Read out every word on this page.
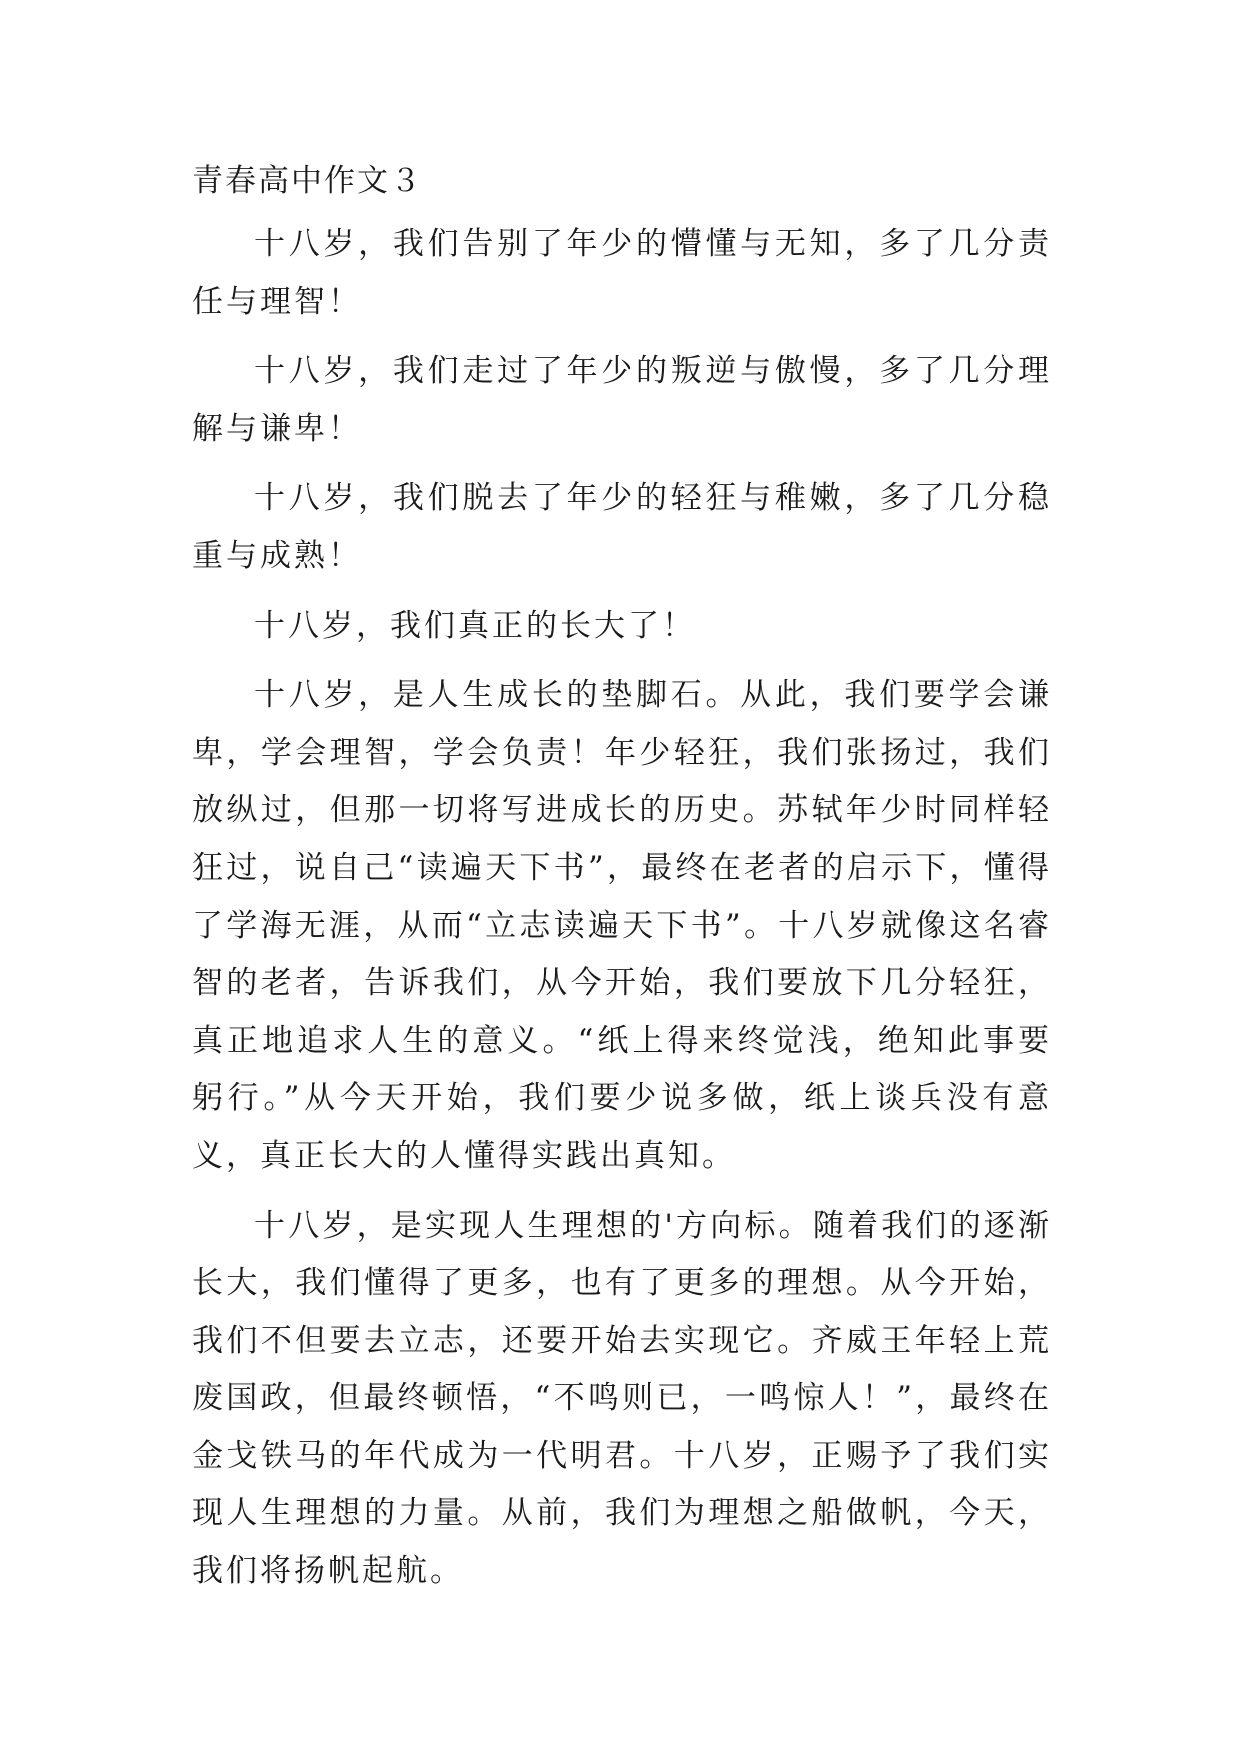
青春高中作文３

十八岁，我们告别了年少的懵懂与无知，多了几分责任与理智！

十八岁，我们走过了年少的叛逆与傲慢，多了几分理解与谦卑！

十八岁，我们脱去了年少的轻狂与稚嫩，多了几分稳重与成熟！

十八岁，我们真正的长大了！

十八岁，是人生成长的垫脚石。从此，我们要学会谦卑，学会理智，学会负责！年少轻狂，我们张扬过，我们放纵过，但那一切将写进成长的历史。苏轼年少时同样轻狂过，说自己“读遍天下书”，最终在老者的启示下，懂得了学海无涯，从而“立志读遍天下书”。十八岁就像这名睿智的老者，告诉我们，从今开始，我们要放下几分轻狂，真正地追求人生的意义。“纸上得来终觉浅，绝知此事要躬行。”从今天开始，我们要少说多做，纸上谈兵没有意义，真正长大的人懂得实践出真知。

十八岁，是实现人生理想的'方向标。随着我们的逐渐长大，我们懂得了更多，也有了更多的理想。从今开始，我们不但要去立志，还要开始去实现它。齐威王年轻上荒废国政，但最终顿悟，“不鸣则已，一鸣惊人！”，最终在金戈铁马的年代成为一代明君。十八岁，正赐予了我们实现人生理想的力量。从前，我们为理想之船做帆，今天，我们将扬帆起航。
